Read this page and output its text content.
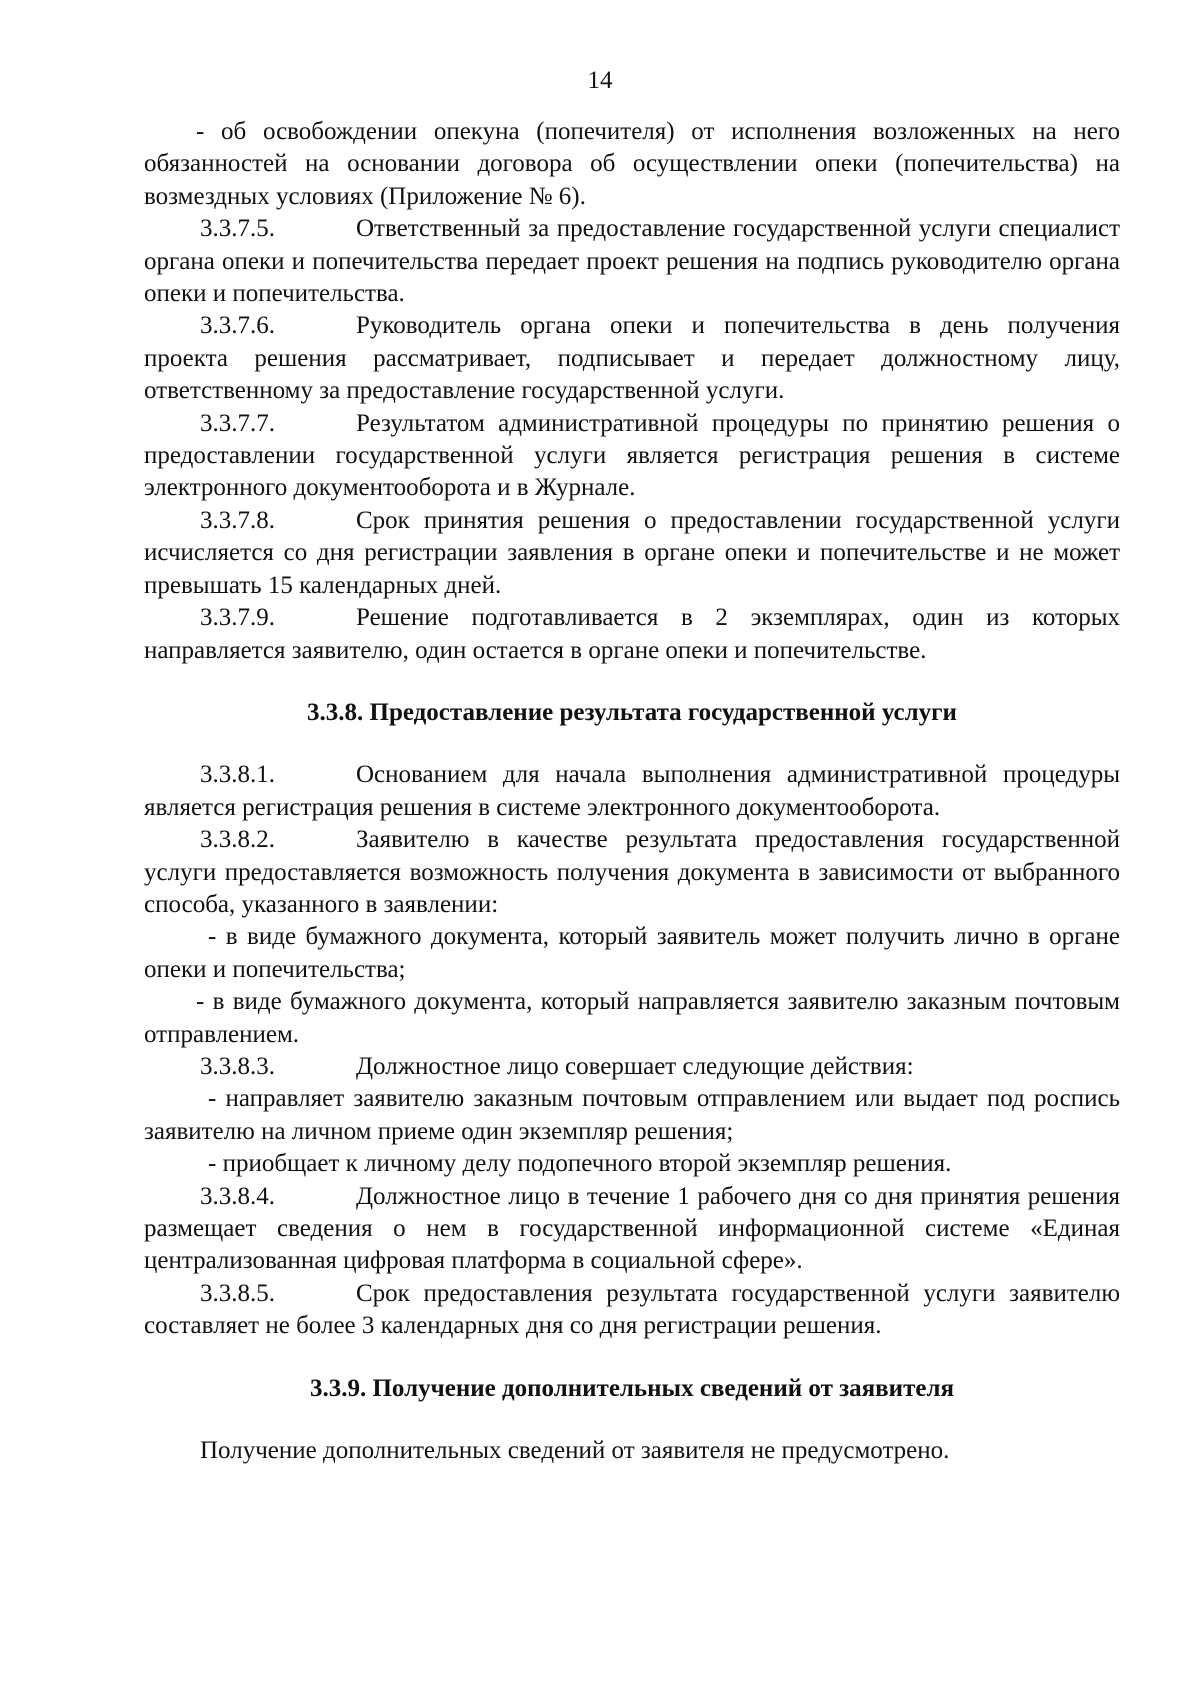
14

- об освобождении опекуна (попечителя) от исполнения возложенных на него обязанностей на основании договора об осуществлении опеки (попечительства) на возмездных условиях (Приложение № 6).

3.3.7.5.	Ответственный за предоставление государственной услуги специалист органа опеки и попечительства передает проект решения на подпись руководителю органа опеки и попечительства.

3.3.7.6.	Руководитель органа опеки и попечительства в день получения проекта решения рассматривает, подписывает и передает должностному лицу, ответственному за предоставление государственной услуги.

3.3.7.7.	Результатом административной процедуры по принятию решения о предоставлении государственной услуги является регистрация решения в системе электронного документооборота и в Журнале.

3.3.7.8.	Срок принятия решения о предоставлении государственной услуги исчисляется со дня регистрации заявления в органе опеки и попечительстве и не может превышать 15 календарных дней.

3.3.7.9.	Решение подготавливается в 2 экземплярах, один из которых направляется заявителю, один остается в органе опеки и попечительстве.

3.3.8. Предоставление результата государственной услуги

3.3.8.1.	Основанием для начала выполнения административной процедуры является регистрация решения в системе электронного документооборота.

3.3.8.2.	Заявителю в качестве результата предоставления государственной услуги предоставляется возможность получения документа в зависимости от выбранного способа, указанного в заявлении:

- в виде бумажного документа, который заявитель может получить лично в органе опеки и попечительства;

- в виде бумажного документа, который направляется заявителю заказным почтовым отправлением.

3.3.8.3.	Должностное лицо совершает следующие действия:

- направляет заявителю заказным почтовым отправлением или выдает под роспись заявителю на личном приеме один экземпляр решения;

- приобщает к личному делу подопечного второй экземпляр решения.

3.3.8.4.	Должностное лицо в течение 1 рабочего дня со дня принятия решения размещает сведения о нем в государственной информационной системе «Единая централизованная цифровая платформа в социальной сфере».

3.3.8.5.	Срок предоставления результата государственной услуги заявителю составляет не более 3 календарных дня со дня регистрации решения.

3.3.9. Получение дополнительных сведений от заявителя

Получение дополнительных сведений от заявителя не предусмотрено.
